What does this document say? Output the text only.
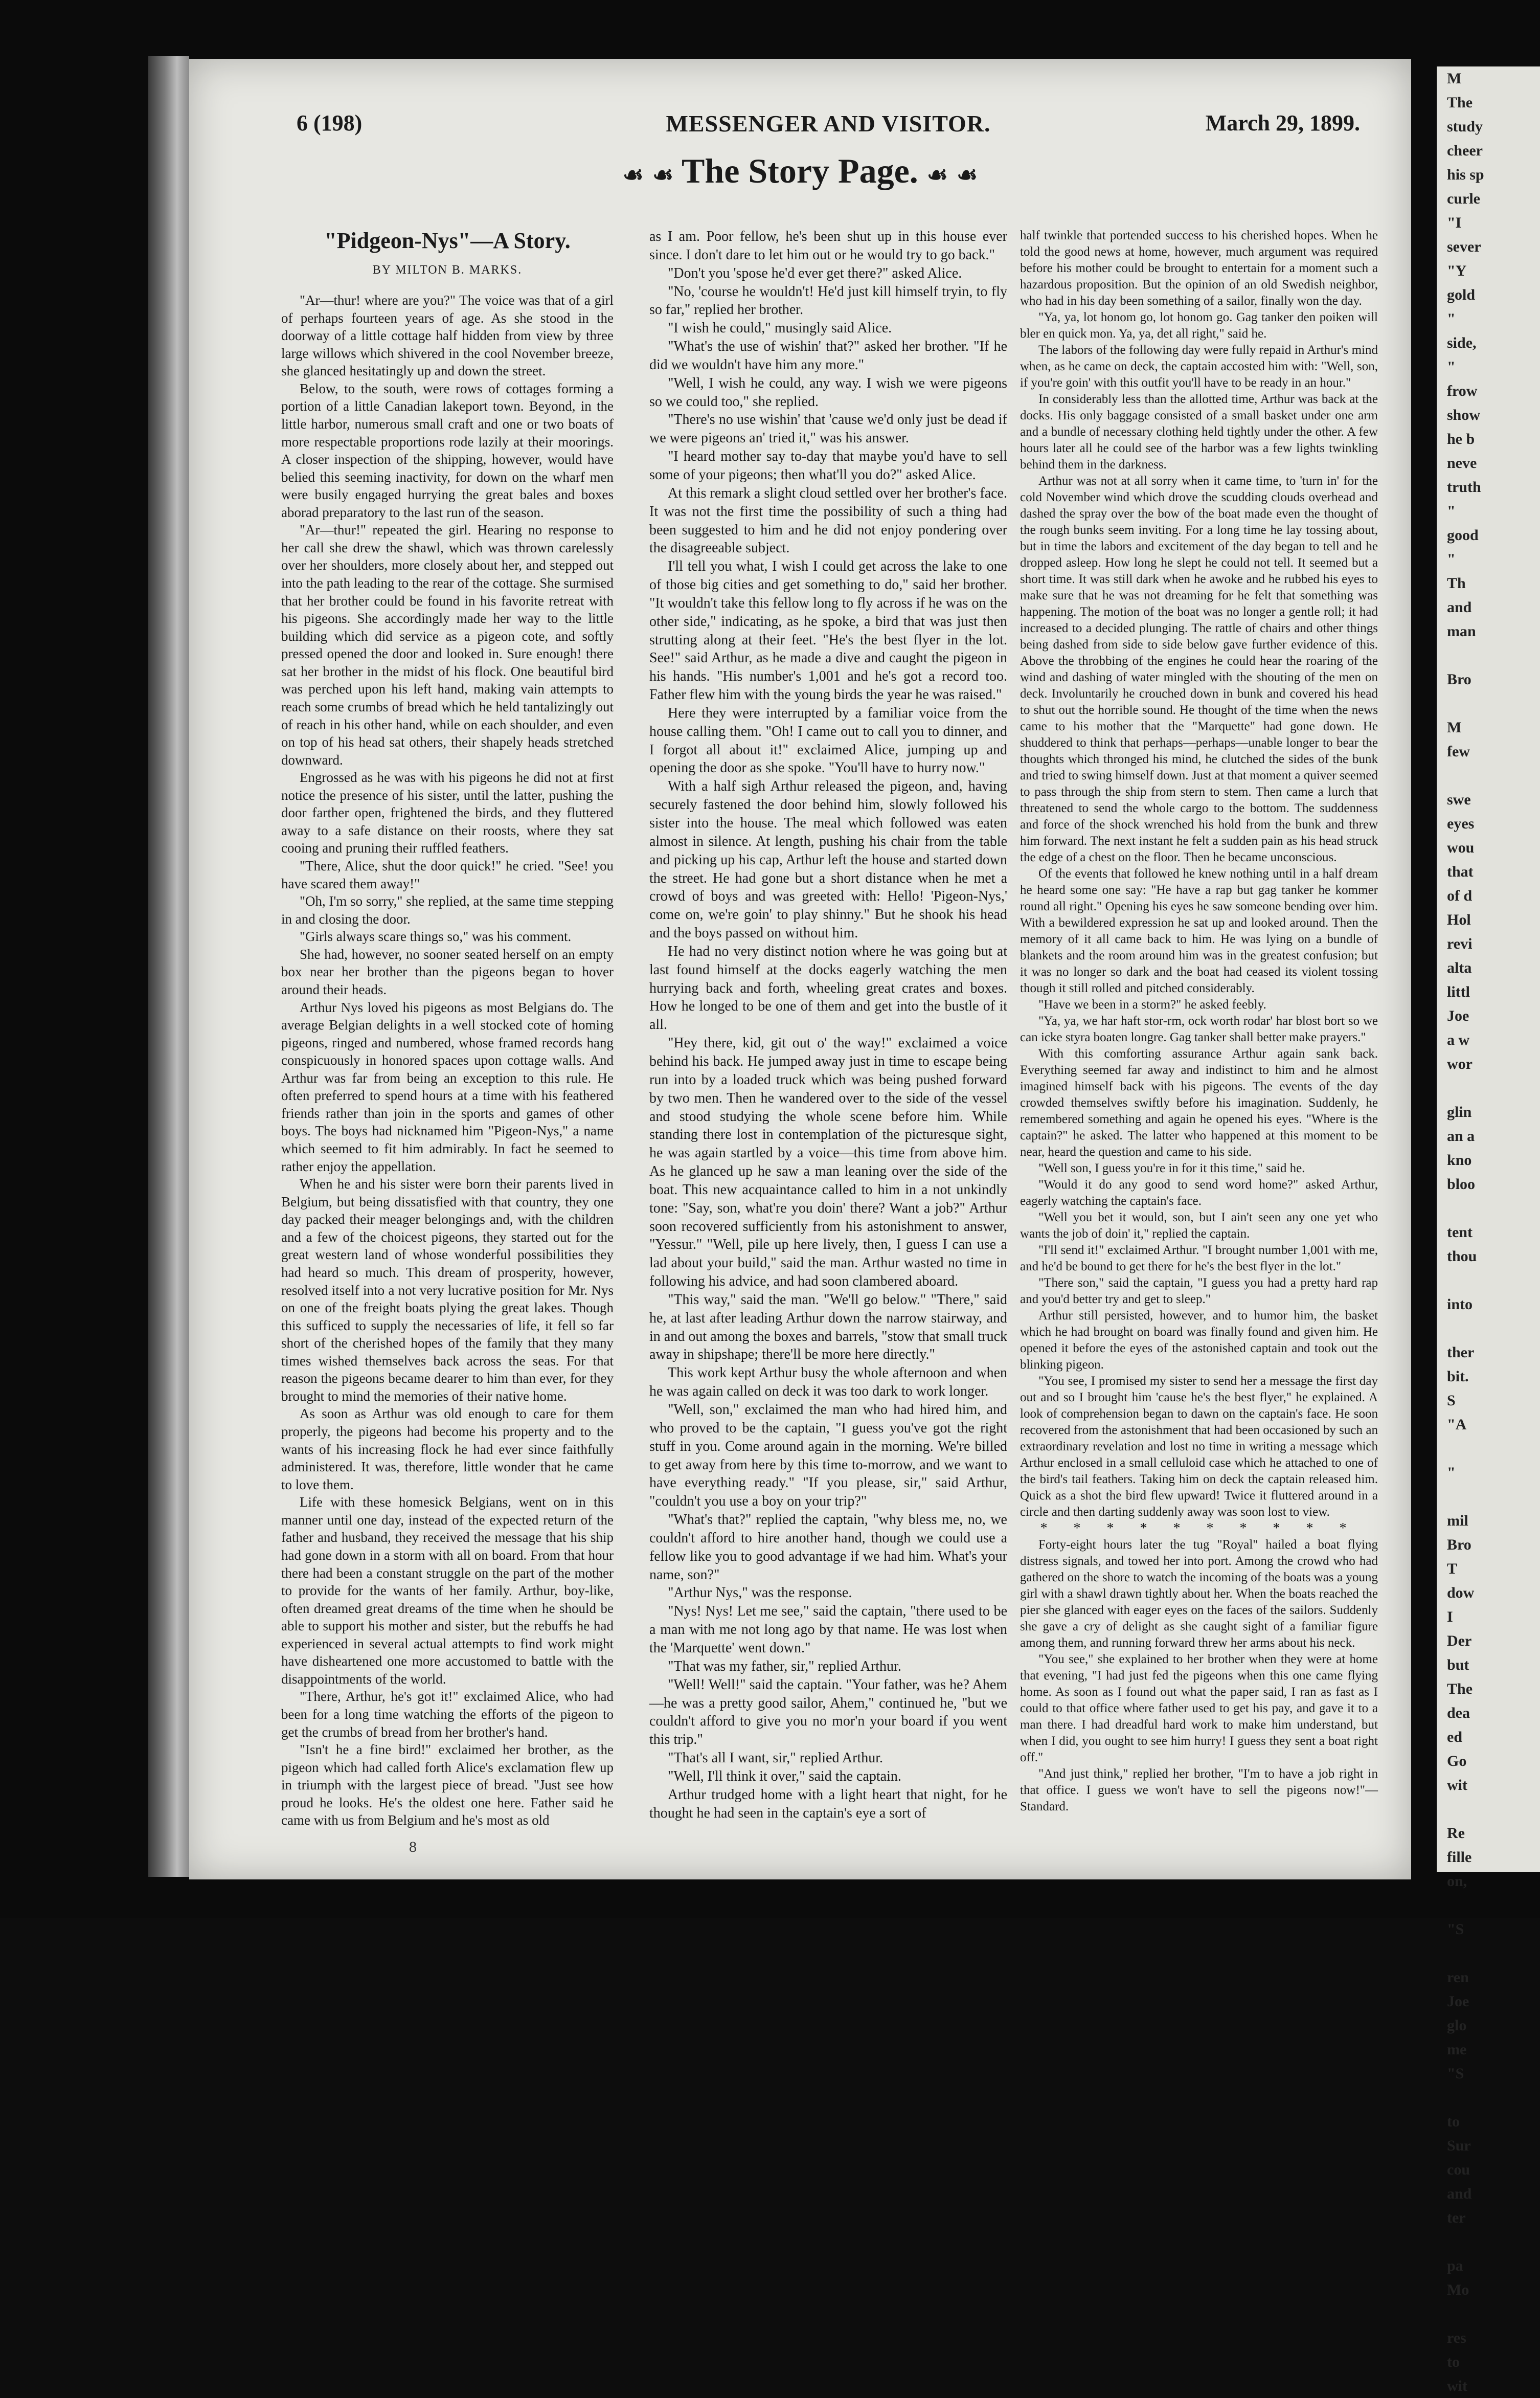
6 (198)	MESSENGER AND VISITOR.	March 29, 1899.
☙ ☙ The Story Page. ☙ ☙
"Pidgeon-Nys"—A Story.
BY MILTON B. MARKS.

"Ar—thur! where are you?" The voice was that of a girl of perhaps fourteen years of age. As she stood in the doorway of a little cottage half hidden from view by three large willows which shivered in the cool November breeze, she glanced hesitatingly up and down the street.

Below, to the south, were rows of cottages forming a portion of a little Canadian lakeport town. Beyond, in the little harbor, numerous small craft and one or two boats of more respectable proportions rode lazily at their moorings. A closer inspection of the shipping, however, would have belied this seeming inactivity, for down on the wharf men were busily engaged hurrying the great bales and boxes aborad preparatory to the last run of the season.

"Ar—thur!" repeated the girl. Hearing no response to her call she drew the shawl, which was thrown carelessly over her shoulders, more closely about her, and stepped out into the path leading to the rear of the cottage. She surmised that her brother could be found in his favorite retreat with his pigeons. She accordingly made her way to the little building which did service as a pigeon cote, and softly pressed opened the door and looked in. Sure enough! there sat her brother in the midst of his flock. One beautiful bird was perched upon his left hand, making vain attempts to reach some crumbs of bread which he held tantalizingly out of reach in his other hand, while on each shoulder, and even on top of his head sat others, their shapely heads stretched downward.

Engrossed as he was with his pigeons he did not at first notice the presence of his sister, until the latter, pushing the door farther open, frightened the birds, and they fluttered away to a safe distance on their roosts, where they sat cooing and pruning their ruffled feathers.

"There, Alice, shut the door quick!" he cried. "See! you have scared them away!"

"Oh, I'm so sorry," she replied, at the same time stepping in and closing the door.

"Girls always scare things so," was his comment.

She had, however, no sooner seated herself on an empty box near her brother than the pigeons began to hover around their heads.

Arthur Nys loved his pigeons as most Belgians do. The average Belgian delights in a well stocked cote of homing pigeons, ringed and numbered, whose framed records hang conspicuously in honored spaces upon cottage walls. And Arthur was far from being an exception to this rule. He often preferred to spend hours at a time with his feathered friends rather than join in the sports and games of other boys. The boys had nicknamed him "Pigeon-Nys," a name which seemed to fit him admirably. In fact he seemed to rather enjoy the appellation.

When he and his sister were born their parents lived in Belgium, but being dissatisfied with that country, they one day packed their meager belongings and, with the children and a few of the choicest pigeons, they started out for the great western land of whose wonderful possibilities they had heard so much. This dream of prosperity, however, resolved itself into a not very lucrative position for Mr. Nys on one of the freight boats plying the great lakes. Though this sufficed to supply the necessaries of life, it fell so far short of the cherished hopes of the family that they many times wished themselves back across the seas. For that reason the pigeons became dearer to him than ever, for they brought to mind the memories of their native home.

As soon as Arthur was old enough to care for them properly, the pigeons had become his property and to the wants of his increasing flock he had ever since faithfully administered. It was, therefore, little wonder that he came to love them.

Life with these homesick Belgians, went on in this manner until one day, instead of the expected return of the father and husband, they received the message that his ship had gone down in a storm with all on board. From that hour there had been a constant struggle on the part of the mother to provide for the wants of her family. Arthur, boy-like, often dreamed great dreams of the time when he should be able to support his mother and sister, but the rebuffs he had experienced in several actual attempts to find work might have disheartened one more accustomed to battle with the disappointments of the world.

"There, Arthur, he's got it!" exclaimed Alice, who had been for a long time watching the efforts of the pigeon to get the crumbs of bread from her brother's hand.

"Isn't he a fine bird!" exclaimed her brother, as the pigeon which had called forth Alice's exclamation flew up in triumph with the largest piece of bread. "Just see how proud he looks. He's the oldest one here. Father said he came with us from Belgium and he's most as old

as I am. Poor fellow, he's been shut up in this house ever since. I don't dare to let him out or he would try to go back."

"Don't you 'spose he'd ever get there?" asked Alice.

"No, 'course he wouldn't! He'd just kill himself tryin, to fly so far," replied her brother.

"I wish he could," musingly said Alice.

"What's the use of wishin' that?" asked her brother. "If he did we wouldn't have him any more."

"Well, I wish he could, any way. I wish we were pigeons so we could too," she replied.

"There's no use wishin' that 'cause we'd only just be dead if we were pigeons an' tried it," was his answer.

"I heard mother say to-day that maybe you'd have to sell some of your pigeons; then what'll you do?" asked Alice.

At this remark a slight cloud settled over her brother's face. It was not the first time the possibility of such a thing had been suggested to him and he did not enjoy pondering over the disagreeable subject.

I'll tell you what, I wish I could get across the lake to one of those big cities and get something to do," said her brother. "It wouldn't take this fellow long to fly across if he was on the other side," indicating, as he spoke, a bird that was just then strutting along at their feet. "He's the best flyer in the lot. See!" said Arthur, as he made a dive and caught the pigeon in his hands. "His number's 1,001 and he's got a record too. Father flew him with the young birds the year he was raised."

Here they were interrupted by a familiar voice from the house calling them. "Oh! I came out to call you to dinner, and I forgot all about it!" exclaimed Alice, jumping up and opening the door as she spoke. "You'll have to hurry now."

With a half sigh Arthur released the pigeon, and, having securely fastened the door behind him, slowly followed his sister into the house. The meal which followed was eaten almost in silence. At length, pushing his chair from the table and picking up his cap, Arthur left the house and started down the street. He had gone but a short distance when he met a crowd of boys and was greeted with: Hello! 'Pigeon-Nys,' come on, we're goin' to play shinny." But he shook his head and the boys passed on without him.

He had no very distinct notion where he was going but at last found himself at the docks eagerly watching the men hurrying back and forth, wheeling great crates and boxes. How he longed to be one of them and get into the bustle of it all.

"Hey there, kid, git out o' the way!" exclaimed a voice behind his back. He jumped away just in time to escape being run into by a loaded truck which was being pushed forward by two men. Then he wandered over to the side of the vessel and stood studying the whole scene before him. While standing there lost in contemplation of the picturesque sight, he was again startled by a voice—this time from above him. As he glanced up he saw a man leaning over the side of the boat. This new acquaintance called to him in a not unkindly tone: "Say, son, what're you doin' there? Want a job?" Arthur soon recovered sufficiently from his astonishment to answer, "Yessur." "Well, pile up here lively, then, I guess I can use a lad about your build," said the man. Arthur wasted no time in following his advice, and had soon clambered aboard.

"This way," said the man. "We'll go below." "There," said he, at last after leading Arthur down the narrow stairway, and in and out among the boxes and barrels, "stow that small truck away in shipshape; there'll be more here directly."

This work kept Arthur busy the whole afternoon and when he was again called on deck it was too dark to work longer.

"Well, son," exclaimed the man who had hired him, and who proved to be the captain, "I guess you've got the right stuff in you. Come around again in the morning. We're billed to get away from here by this time to-morrow, and we want to have everything ready." "If you please, sir," said Arthur, "couldn't you use a boy on your trip?"

"What's that?" replied the captain, "why bless me, no, we couldn't afford to hire another hand, though we could use a fellow like you to good advantage if we had him. What's your name, son?"

"Arthur Nys," was the response.

"Nys! Nys! Let me see," said the captain, "there used to be a man with me not long ago by that name. He was lost when the 'Marquette' went down."

"That was my father, sir," replied Arthur.

"Well! Well!" said the captain. "Your father, was he? Ahem—he was a pretty good sailor, Ahem," continued he, "but we couldn't afford to give you no mor'n your board if you went this trip."

"That's all I want, sir," replied Arthur.

"Well, I'll think it over," said the captain.

Arthur trudged home with a light heart that night, for he thought he had seen in the captain's eye a sort of

half twinkle that portended success to his cherished hopes. When he told the good news at home, however, much argument was required before his mother could be brought to entertain for a moment such a hazardous proposition. But the opinion of an old Swedish neighbor, who had in his day been something of a sailor, finally won the day.

"Ya, ya, lot honom go, lot honom go. Gag tanker den poiken will bler en quick mon. Ya, ya, det all right," said he.

The labors of the following day were fully repaid in Arthur's mind when, as he came on deck, the captain accosted him with: "Well, son, if you're goin' with this outfit you'll have to be ready in an hour."

In considerably less than the allotted time, Arthur was back at the docks. His only baggage consisted of a small basket under one arm and a bundle of necessary clothing held tightly under the other. A few hours later all he could see of the harbor was a few lights twinkling behind them in the darkness.

Arthur was not at all sorry when it came time, to 'turn in' for the cold November wind which drove the scudding clouds overhead and dashed the spray over the bow of the boat made even the thought of the rough bunks seem inviting. For a long time he lay tossing about, but in time the labors and excitement of the day began to tell and he dropped asleep. How long he slept he could not tell. It seemed but a short time. It was still dark when he awoke and he rubbed his eyes to make sure that he was not dreaming for he felt that something was happening. The motion of the boat was no longer a gentle roll; it had increased to a decided plunging. The rattle of chairs and other things being dashed from side to side below gave further evidence of this. Above the throbbing of the engines he could hear the roaring of the wind and dashing of water mingled with the shouting of the men on deck. Involuntarily he crouched down in bunk and covered his head to shut out the horrible sound. He thought of the time when the news came to his mother that the "Marquette" had gone down. He shuddered to think that perhaps—perhaps—unable longer to bear the thoughts which thronged his mind, he clutched the sides of the bunk and tried to swing himself down. Just at that moment a quiver seemed to pass through the ship from stern to stem. Then came a lurch that threatened to send the whole cargo to the bottom. The suddenness and force of the shock wrenched his hold from the bunk and threw him forward. The next instant he felt a sudden pain as his head struck the edge of a chest on the floor. Then he became unconscious.

Of the events that followed he knew nothing until in a half dream he heard some one say: "He have a rap but gag tanker he kommer round all right." Opening his eyes he saw someone bending over him. With a bewildered expression he sat up and looked around. Then the memory of it all came back to him. He was lying on a bundle of blankets and the room around him was in the greatest confusion; but it was no longer so dark and the boat had ceased its violent tossing though it still rolled and pitched considerably.

"Have we been in a storm?" he asked feebly.

"Ya, ya, we har haft stor-rm, ock worth rodar' har blost bort so we can icke styra boaten longre. Gag tanker shall better make prayers."

With this comforting assurance Arthur again sank back. Everything seemed far away and indistinct to him and he almost imagined himself back with his pigeons. The events of the day crowded themselves swiftly before his imagination. Suddenly, he remembered something and again he opened his eyes. "Where is the captain?" he asked. The latter who happened at this moment to be near, heard the question and came to his side.

"Well son, I guess you're in for it this time," said he.

"Would it do any good to send word home?" asked Arthur, eagerly watching the captain's face.

"Well you bet it would, son, but I ain't seen any one yet who wants the job of doin' it," replied the captain.

"I'll send it!" exclaimed Arthur. "I brought number 1,001 with me, and he'd be bound to get there for he's the best flyer in the lot."

"There son," said the captain, "I guess you had a pretty hard rap and you'd better try and get to sleep."

Arthur still persisted, however, and to humor him, the basket which he had brought on board was finally found and given him. He opened it before the eyes of the astonished captain and took out the blinking pigeon.

"You see, I promised my sister to send her a message the first day out and so I brought him 'cause he's the best flyer," he explained. A look of comprehension began to dawn on the captain's face. He soon recovered from the astonishment that had been occasioned by such an extraordinary revelation and lost no time in writing a message which Arthur enclosed in a small celluloid case which he attached to one of the bird's tail feathers. Taking him on deck the captain released him. Quick as a shot the bird flew upward! Twice it fluttered around in a circle and then darting suddenly away was soon lost to view.

* * * * * * * * * *

Forty-eight hours later the tug "Royal" hailed a boat flying distress signals, and towed her into port. Among the crowd who had gathered on the shore to watch the incoming of the boats was a young girl with a shawl drawn tightly about her. When the boats reached the pier she glanced with eager eyes on the faces of the sailors. Suddenly she gave a cry of delight as she caught sight of a familiar figure among them, and running forward threw her arms about his neck.

"You see," she explained to her brother when they were at home that evening, "I had just fed the pigeons when this one came flying home. As soon as I found out what the paper said, I ran as fast as I could to that office where father used to get his pay, and gave it to a man there. I had dreadful hard work to make him understand, but when I did, you ought to see him hurry! I guess they sent a boat right off."

"And just think," replied her brother, "I'm to have a job right in that office. I guess we won't have to sell the pigeons now!"—Standard.

8
M
The
study
cheer
his sp
curle
"I
sever
"Y
gold
"
side,
"
frow
show
he b
neve
truth
"
good
"
Th
and
man

Bro

M
few

swe
eyes
wou
that
of d
Hol
revi
alta
littl
Joe
a w
wor

glin
an a
kno
bloo

tent
thou

into

ther
bit.
S
"A

"

mil
Bro
T
dow
I
Der
but
The
dea
ed
Go
wit

Re
fille
on,

"S

ren
Joe
glo
me
"S

to
Sur
cou
and
ter

pa
Mo

res
to
wit
